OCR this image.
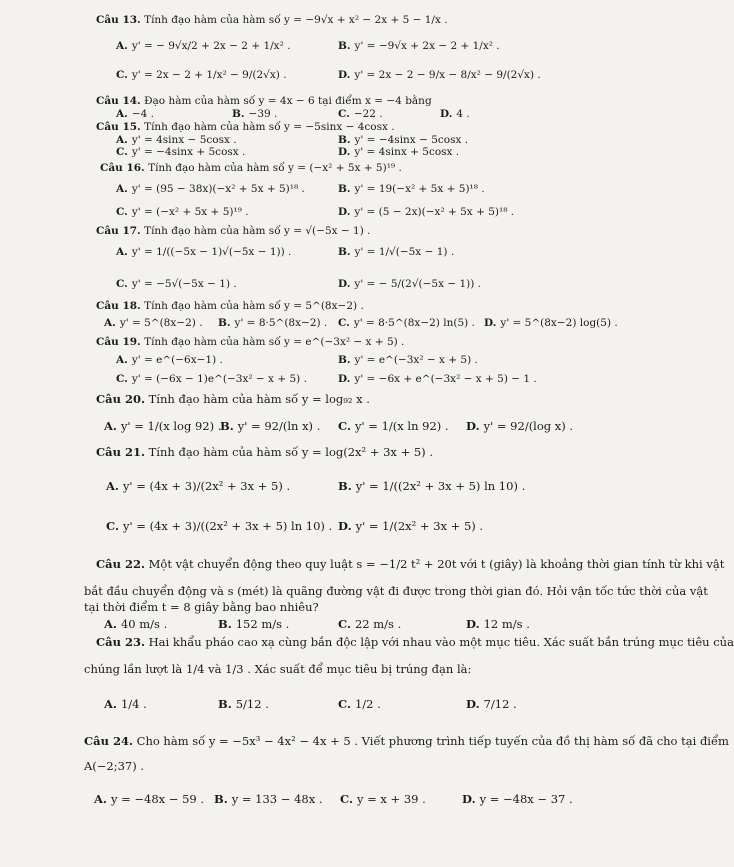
Câu 13. Tính đạo hàm của hàm số y = −9√x + x² − 2x + 5 − 1/x .
A. y' = − 9√x/2 + 2x − 2 + 1/x² .	B. y' = −9√x + 2x − 2 + 1/x² .
C. y' = 2x − 2 + 1/x² − 9/(2√x) .	D. y' = 2x − 2 − 9/x − 8/x² − 9/(2√x) .
Câu 14. Đạo hàm của hàm số y = 4x − 6 tại điểm x = −4 bằng
A. −4 .	B. −39 .	C. −22 .	D. 4 .
Câu 15. Tính đạo hàm của hàm số y = −5sinx − 4cosx .
A. y' = 4sinx − 5cosx .	B. y' = −4sinx − 5cosx .
C. y' = −4sinx + 5cosx .	D. y' = 4sinx + 5cosx .
Câu 16. Tính đạo hàm của hàm số y = (−x² + 5x + 5)¹⁹ .
A. y' = (95 − 38x)(−x² + 5x + 5)¹⁸ .	B. y' = 19(−x² + 5x + 5)¹⁸ .
C. y' = (−x² + 5x + 5)¹⁹ .	D. y' = (5 − 2x)(−x² + 5x + 5)¹⁸ .
Câu 17. Tính đạo hàm của hàm số y = √(−5x − 1) .
A. y' = 1/((−5x − 1)√(−5x − 1)) .	B. y' = 1/√(−5x − 1) .
C. y' = −5√(−5x − 1) .	D. y' = − 5/(2√(−5x − 1)) .
Câu 18. Tính đạo hàm của hàm số y = 5^(8x−2) .
A. y' = 5^(8x−2) . B. y' = 8·5^(8x−2) . C. y' = 8·5^(8x−2) ln(5) . D. y' = 5^(8x−2) log(5) .
Câu 19. Tính đạo hàm của hàm số y = e^(−3x² − x + 5) .
A. y' = e^(−6x−1) .	B. y' = e^(−3x² − x + 5) .
C. y' = (−6x − 1)e^(−3x² − x + 5) .	D. y' = −6x + e^(−3x² − x + 5) − 1 .
Câu 20. Tính đạo hàm của hàm số y = log₉₂ x .
A. y' = 1/(x log 92) .
B. y' = 92/(ln x) . C. y' = 1/(x ln 92) . D. y' = 92/(log x) .
Câu 21. Tính đạo hàm của hàm số y = log(2x² + 3x + 5) .
A. y' = (4x + 3)/(2x² + 3x + 5) .	B. y' = 1/((2x² + 3x + 5) ln 10) .
C. y' = (4x + 3)/((2x² + 3x + 5) ln 10) . D. y' = 1/(2x² + 3x + 5) .
Câu 22. Một vật chuyển động theo quy luật s = −1/2 t² + 20t với t (giây) là khoảng thời gian tính từ khi vật
bắt đầu chuyển động và s (mét) là quãng đường vật đi được trong thời gian đó. Hỏi vận tốc tức thời của vật
tại thời điểm t = 8 giây bằng bao nhiêu?
A. 40 m/s .	B. 152 m/s .	C. 22 m/s .	D. 12 m/s .
Câu 23. Hai khẩu pháo cao xạ cùng bắn độc lập với nhau vào một mục tiêu. Xác suất bắn trúng mục tiêu của
chúng lần lượt là 1/4 và 1/3 . Xác suất để mục tiêu bị trúng đạn là:
A. 1/4 .	B. 5/12 .	C. 1/2 .	D. 7/12 .
Câu 24. Cho hàm số y = −5x³ − 4x² − 4x + 5 . Viết phương trình tiếp tuyến của đồ thị hàm số đã cho tại điểm
A(−2;37) .
A. y = −48x − 59 . B. y = 133 − 48x . C. y = x + 39 .	D. y = −48x − 37 .
